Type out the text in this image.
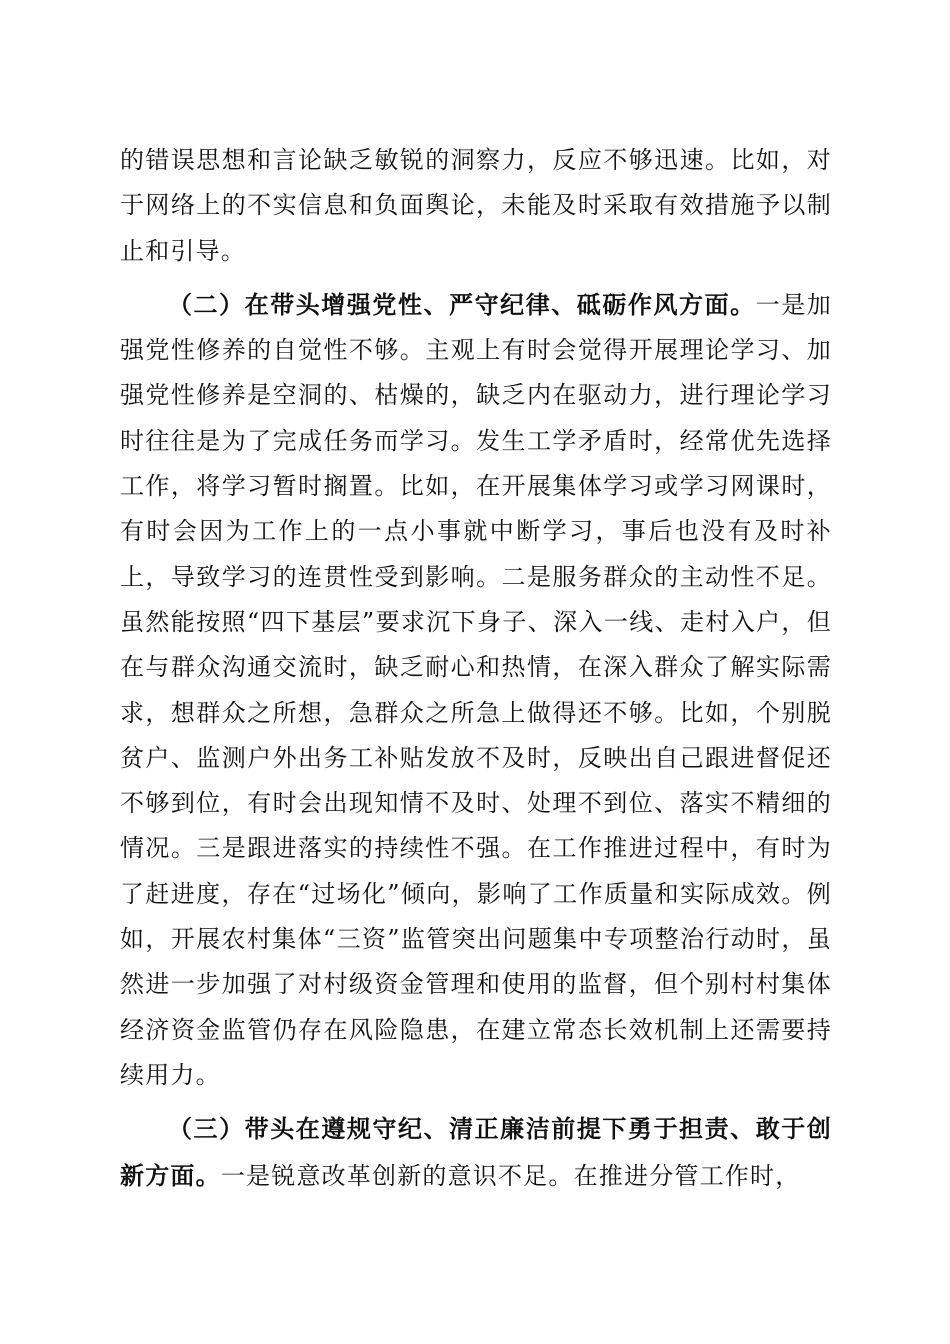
的错误思想和言论缺乏敏锐的洞察力，反应不够迅速。比如，对于网络上的不实信息和负面舆论，未能及时采取有效措施予以制止和引导。

（二）在带头增强党性、严守纪律、砥砺作风方面。一是加强党性修养的自觉性不够。主观上有时会觉得开展理论学习、加强党性修养是空洞的、枯燥的，缺乏内在驱动力，进行理论学习时往往是为了完成任务而学习。发生工学矛盾时，经常优先选择工作，将学习暂时搁置。比如，在开展集体学习或学习网课时，有时会因为工作上的一点小事就中断学习，事后也没有及时补上，导致学习的连贯性受到影响。二是服务群众的主动性不足。虽然能按照“四下基层”要求沉下身子、深入一线、走村入户，但在与群众沟通交流时，缺乏耐心和热情，在深入群众了解实际需求，想群众之所想，急群众之所急上做得还不够。比如，个别脱贫户、监测户外出务工补贴发放不及时，反映出自己跟进督促还不够到位，有时会出现知情不及时、处理不到位、落实不精细的情况。三是跟进落实的持续性不强。在工作推进过程中，有时为了赶进度，存在“过场化”倾向，影响了工作质量和实际成效。例如，开展农村集体“三资”监管突出问题集中专项整治行动时，虽然进一步加强了对村级资金管理和使用的监督，但个别村村集体经济资金监管仍存在风险隐患，在建立常态长效机制上还需要持续用力。

（三）带头在遵规守纪、清正廉洁前提下勇于担责、敢于创新方面。一是锐意改革创新的意识不足。在推进分管工作时，
